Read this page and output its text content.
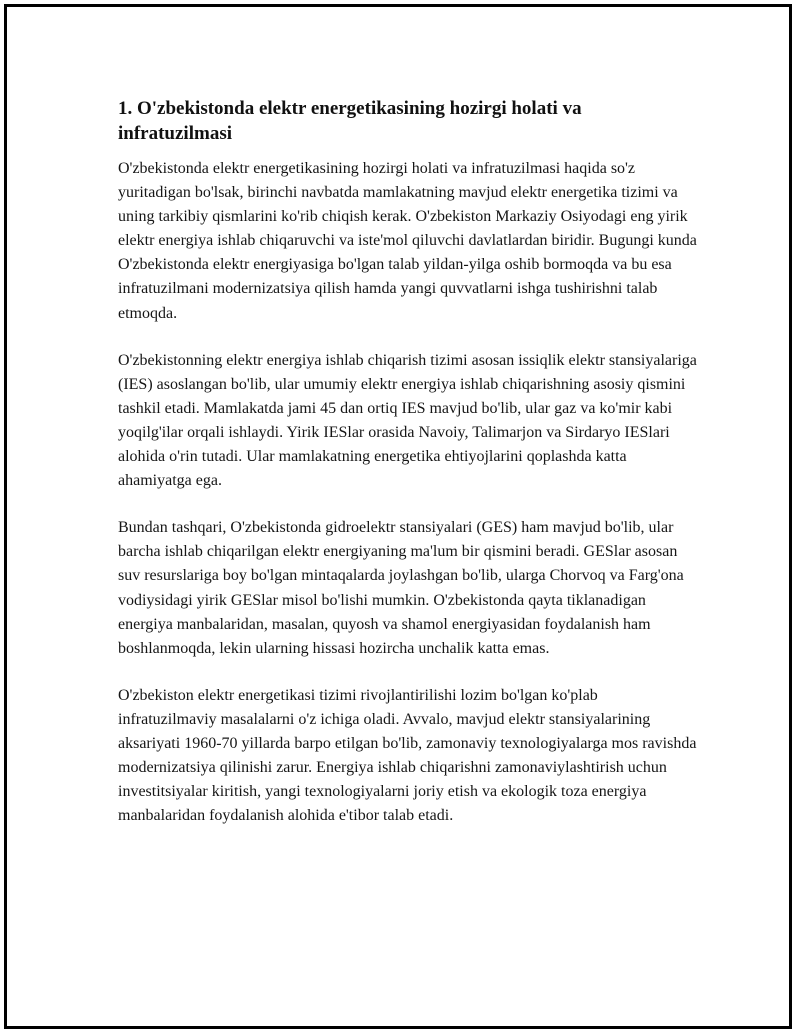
1. O'zbekistonda elektr energetikasining hozirgi holati va infratuzilmasi

O'zbekistonda elektr energetikasining hozirgi holati va infratuzilmasi haqida so'z yuritadigan bo'lsak, birinchi navbatda mamlakatning mavjud elektr energetika tizimi va uning tarkibiy qismlarini ko'rib chiqish kerak. O'zbekiston Markaziy Osiyodagi eng yirik elektr energiya ishlab chiqaruvchi va iste'mol qiluvchi davlatlardan biridir. Bugungi kunda O'zbekistonda elektr energiyasiga bo'lgan talab yildan-yilga oshib bormoqda va bu esa infratuzilmani modernizatsiya qilish hamda yangi quvvatlarni ishga tushirishni talab etmoqda.

O'zbekistonning elektr energiya ishlab chiqarish tizimi asosan issiqlik elektr stansiyalariga (IES) asoslangan bo'lib, ular umumiy elektr energiya ishlab chiqarishning asosiy qismini tashkil etadi. Mamlakatda jami 45 dan ortiq IES mavjud bo'lib, ular gaz va ko'mir kabi yoqilg'ilar orqali ishlaydi. Yirik IESlar orasida Navoiy, Talimarjon va Sirdaryo IESlari alohida o'rin tutadi. Ular mamlakatning energetika ehtiyojlarini qoplashda katta ahamiyatga ega.

Bundan tashqari, O'zbekistonda gidroelektr stansiyalari (GES) ham mavjud bo'lib, ular barcha ishlab chiqarilgan elektr energiyaning ma'lum bir qismini beradi. GESlar asosan suv resurslariga boy bo'lgan mintaqalarda joylashgan bo'lib, ularga Chorvoq va Farg'ona vodiysidagi yirik GESlar misol bo'lishi mumkin. O'zbekistonda qayta tiklanadigan energiya manbalaridan, masalan, quyosh va shamol energiyasidan foydalanish ham boshlanmoqda, lekin ularning hissasi hozircha unchalik katta emas.

O'zbekiston elektr energetikasi tizimi rivojlantirilishi lozim bo'lgan ko'plab infratuzilmaviy masalalarni o'z ichiga oladi. Avvalo, mavjud elektr stansiyalarining aksariyati 1960-70 yillarda barpo etilgan bo'lib, zamonaviy texnologiyalarga mos ravishda modernizatsiya qilinishi zarur. Energiya ishlab chiqarishni zamonaviylashtirish uchun investitsiyalar kiritish, yangi texnologiyalarni joriy etish va ekologik toza energiya manbalaridan foydalanish alohida e'tibor talab etadi.
